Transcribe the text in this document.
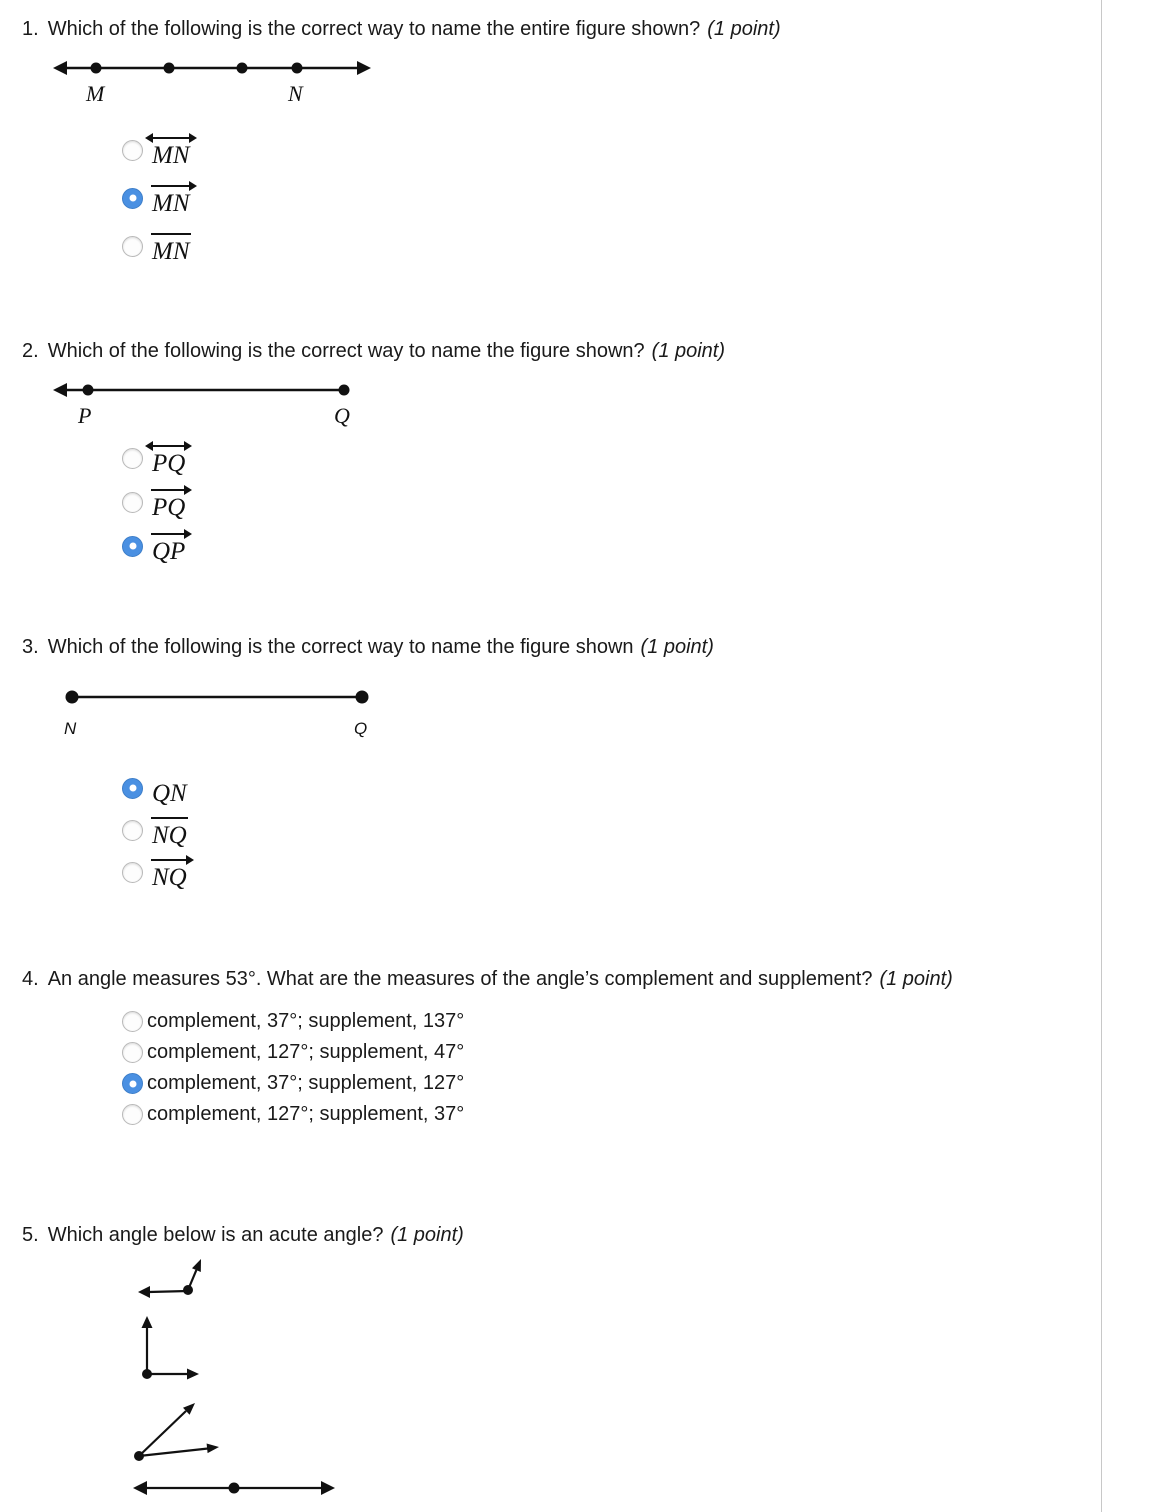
1. Which of the following is the correct way to name the entire figure shown? (1 point)
M	N
MN
MN
MN
2. Which of the following is the correct way to name the figure shown? (1 point)
P	Q
PQ
PQ
QP
3. Which of the following is the correct way to name the figure shown (1 point)
N	Q
QN
NQ
NQ
4. An angle measures 53°. What are the measures of the angle’s complement and supplement? (1 point)
complement, 37°; supplement, 137°
complement, 127°; supplement, 47°
complement, 37°; supplement, 127°
complement, 127°; supplement, 37°
5. Which angle below is an acute angle? (1 point)
